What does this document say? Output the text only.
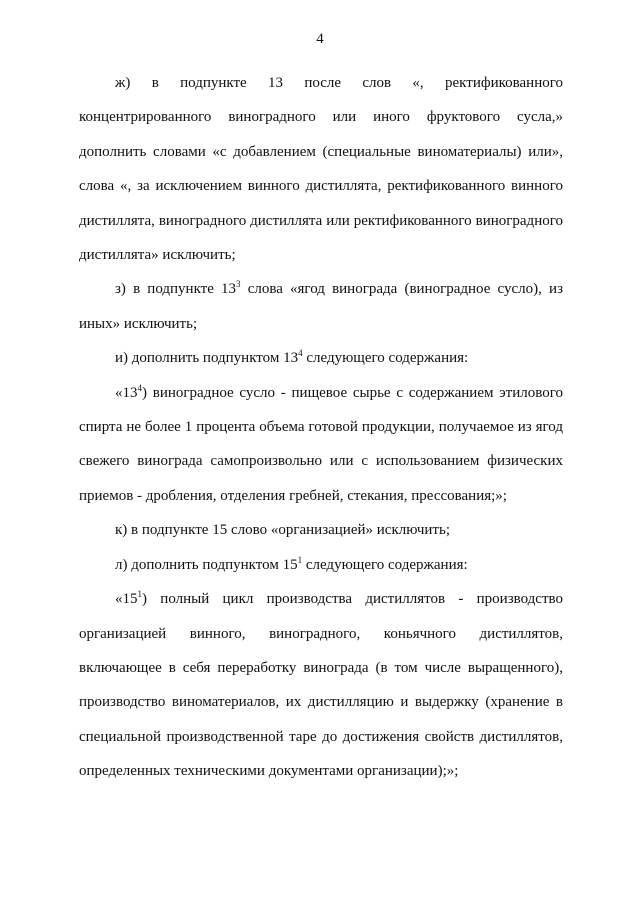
4

ж) в подпункте 13 после слов «, ректификованного концентрированного виноградного или иного фруктового сусла,» дополнить словами «с добавлением (специальные виноматериалы) или», слова «, за исключением винного дистиллята, ректификованного винного дистиллята, виноградного дистиллята или ректификованного виноградного дистиллята» исключить;

з) в подпункте $13^3$ слова «ягод винограда (виноградное сусло), из иных» исключить;

и) дополнить подпунктом $13^4$ следующего содержания:

«$13^4$) виноградное сусло - пищевое сырье с содержанием этилового спирта не более 1 процента объема готовой продукции, получаемое из ягод свежего винограда самопроизвольно или с использованием физических приемов - дробления, отделения гребней, стекания, прессования;»;

к) в подпункте 15 слово «организацией» исключить;

л) дополнить подпунктом $15^1$ следующего содержания:

«$15^1$) полный цикл производства дистиллятов - производство организацией винного, виноградного, коньячного дистиллятов, включающее в себя переработку винограда (в том числе выращенного), производство виноматериалов, их дистилляцию и выдержку (хранение в специальной производственной таре до достижения свойств дистиллятов, определенных техническими документами организации);»;
